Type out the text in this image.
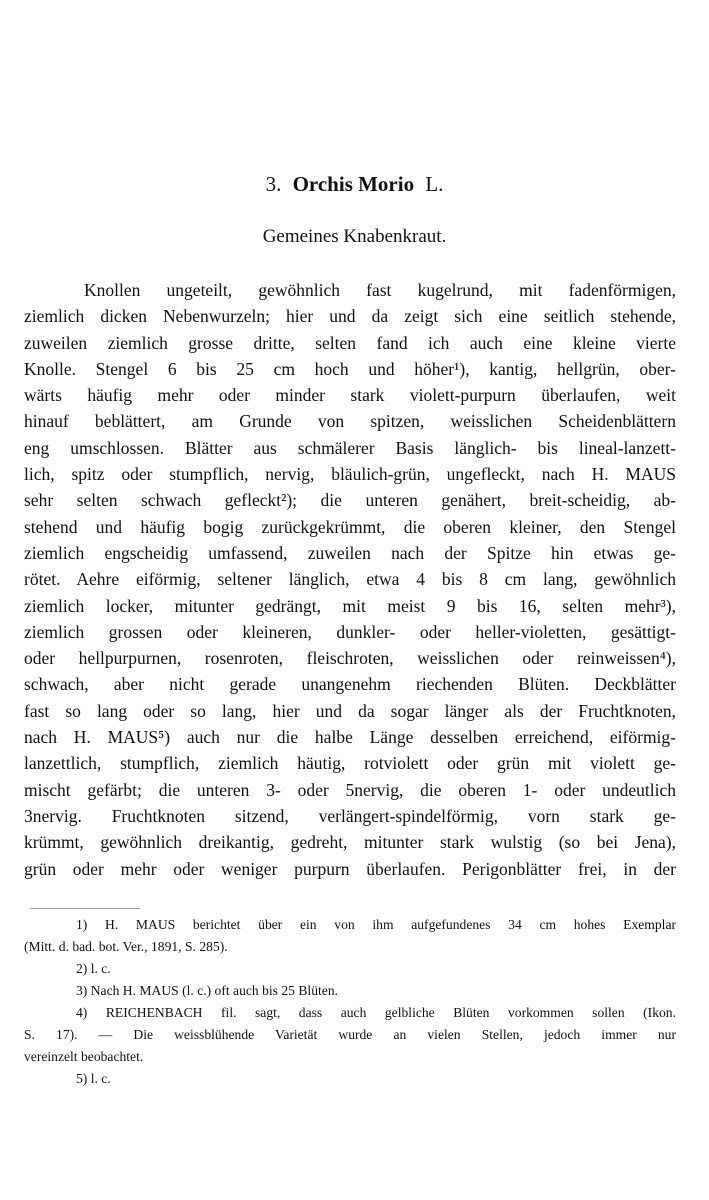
3. Orchis Morio L.
Gemeines Knabenkraut.
Knollen ungeteilt, gewöhnlich fast kugelrund, mit fadenförmigen,
ziemlich dicken Nebenwurzeln; hier und da zeigt sich eine seitlich stehende,
zuweilen ziemlich grosse dritte, selten fand ich auch eine kleine vierte
Knolle. Stengel 6 bis 25 cm hoch und höher¹), kantig, hellgrün, ober-
wärts häufig mehr oder minder stark violett-purpurn überlaufen, weit
hinauf beblättert, am Grunde von spitzen, weisslichen Scheidenblättern
eng umschlossen. Blätter aus schmälerer Basis länglich- bis lineal-lanzett-
lich, spitz oder stumpflich, nervig, bläulich-grün, ungefleckt, nach H. MAUS
sehr selten schwach gefleckt²); die unteren genähert, breit-scheidig, ab-
stehend und häufig bogig zurückgekrümmt, die oberen kleiner, den Stengel
ziemlich engscheidig umfassend, zuweilen nach der Spitze hin etwas ge-
rötet. Aehre eiförmig, seltener länglich, etwa 4 bis 8 cm lang, gewöhnlich
ziemlich locker, mitunter gedrängt, mit meist 9 bis 16, selten mehr³),
ziemlich grossen oder kleineren, dunkler- oder heller-violetten, gesättigt-
oder hellpurpurnen, rosenroten, fleischroten, weisslichen oder reinweissen⁴),
schwach, aber nicht gerade unangenehm riechenden Blüten. Deckblätter
fast so lang oder so lang, hier und da sogar länger als der Fruchtknoten,
nach H. MAUS⁵) auch nur die halbe Länge desselben erreichend, eiförmig-
lanzettlich, stumpflich, ziemlich häutig, rotviolett oder grün mit violett ge-
mischt gefärbt; die unteren 3- oder 5nervig, die oberen 1- oder undeutlich
3nervig. Fruchtknoten sitzend, verlängert-spindelförmig, vorn stark ge-
krümmt, gewöhnlich dreikantig, gedreht, mitunter stark wulstig (so bei Jena),
grün oder mehr oder weniger purpurn überlaufen. Perigonblätter frei, in der
1) H. MAUS berichtet über ein von ihm aufgefundenes 34 cm hohes Exemplar
(Mitt. d. bad. bot. Ver., 1891, S. 285).
2) l. c.
3) Nach H. MAUS (l. c.) oft auch bis 25 Blüten.
4) REICHENBACH fil. sagt, dass auch gelbliche Blüten vorkommen sollen (Ikon.
S. 17). — Die weissblühende Varietät wurde an vielen Stellen, jedoch immer nur
vereinzelt beobachtet.
5) l. c.
